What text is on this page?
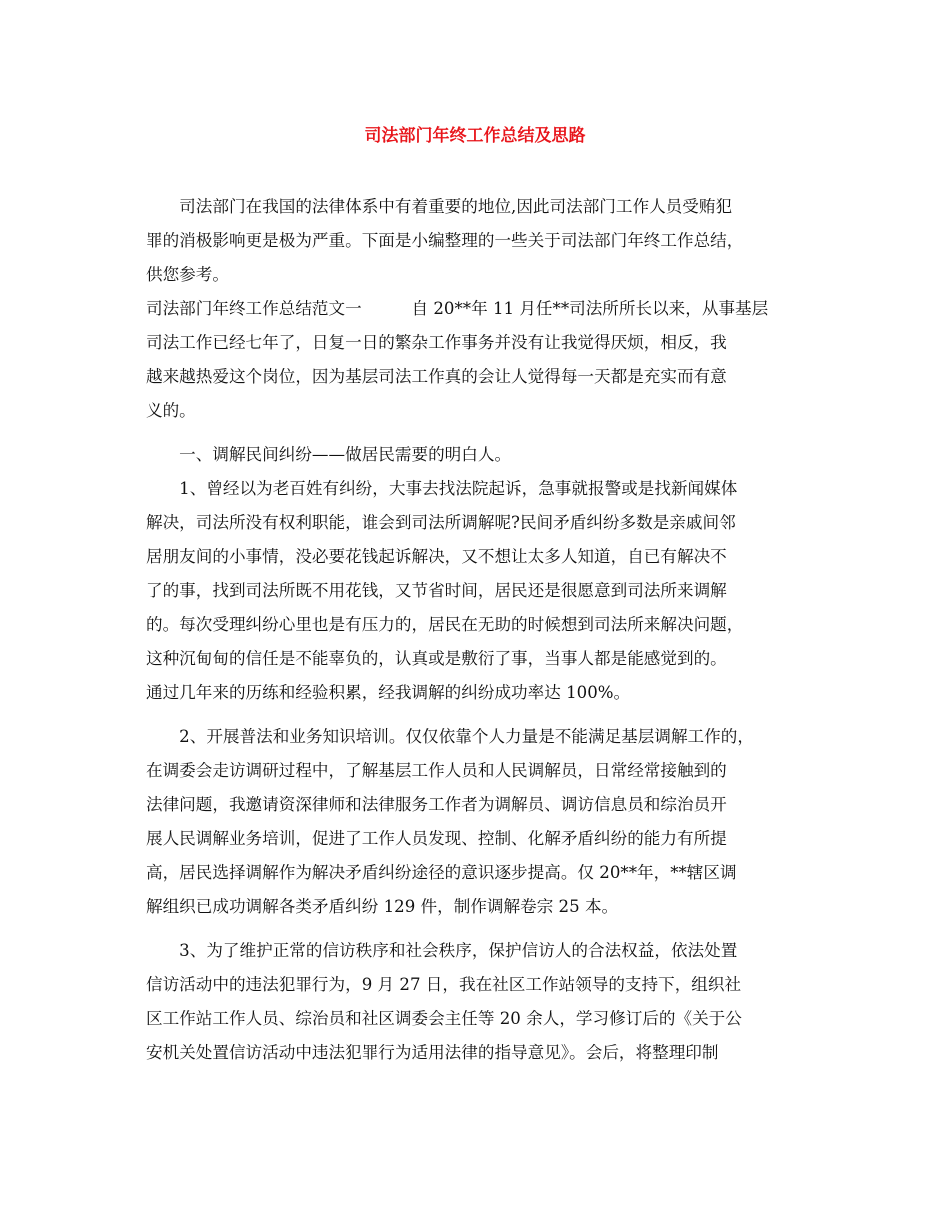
司法部门年终工作总结及思路

　　司法部门在我国的法律体系中有着重要的地位,因此司法部门工作人员受贿犯

罪的消极影响更是极为严重。下面是小编整理的一些关于司法部门年终工作总结，

供您参考。

司法部门年终工作总结范文一　　　自 20**年 11 月任**司法所所长以来，从事基层

司法工作已经七年了，日复一日的繁杂工作事务并没有让我觉得厌烦，相反，我

越来越热爱这个岗位，因为基层司法工作真的会让人觉得每一天都是充实而有意

义的。

　　一、调解民间纠纷——做居民需要的明白人。

　　1、曾经以为老百姓有纠纷，大事去找法院起诉，急事就报警或是找新闻媒体

解决，司法所没有权利职能，谁会到司法所调解呢?民间矛盾纠纷多数是亲戚间邻

居朋友间的小事情，没必要花钱起诉解决，又不想让太多人知道，自已有解决不

了的事，找到司法所既不用花钱，又节省时间，居民还是很愿意到司法所来调解

的。每次受理纠纷心里也是有压力的，居民在无助的时候想到司法所来解决问题，

这种沉甸甸的信任是不能辜负的，认真或是敷衍了事，当事人都是能感觉到的。

通过几年来的历练和经验积累，经我调解的纠纷成功率达 100%。

　　2、开展普法和业务知识培训。仅仅依靠个人力量是不能满足基层调解工作的，

在调委会走访调研过程中，了解基层工作人员和人民调解员，日常经常接触到的

法律问题，我邀请资深律师和法律服务工作者为调解员、调访信息员和综治员开

展人民调解业务培训，促进了工作人员发现、控制、化解矛盾纠纷的能力有所提

高，居民选择调解作为解决矛盾纠纷途径的意识逐步提高。仅 20**年，**辖区调

解组织已成功调解各类矛盾纠纷 129 件，制作调解卷宗 25 本。

　　3、为了维护正常的信访秩序和社会秩序，保护信访人的合法权益，依法处置

信访活动中的违法犯罪行为，9 月 27 日，我在社区工作站领导的支持下，组织社

区工作站工作人员、综治员和社区调委会主任等 20 余人，学习修订后的《关于公

安机关处置信访活动中违法犯罪行为适用法律的指导意见》。会后，将整理印制
